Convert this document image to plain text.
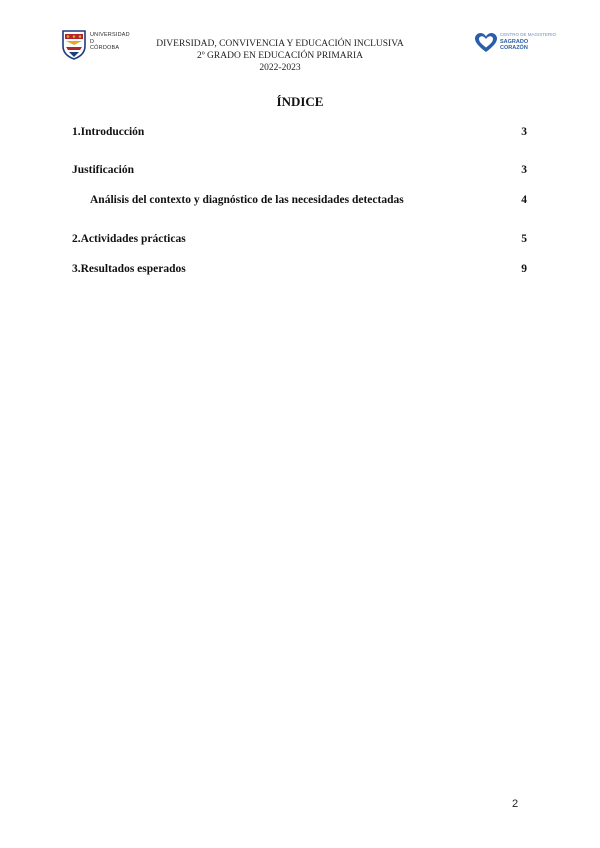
UNIVERSIDAD
D
CÓRDOBA	DIVERSIDAD, CONVIVENCIA Y EDUCACIÓN INCLUSIVA
2º GRADO EN EDUCACIÓN PRIMARIA
2022-2023
CENTRO DE MAGISTERIO
SAGRADO
CORAZÓN
ÍNDICE
1.Introducción	3
Justificación	3
Análisis del contexto y diagnóstico de las necesidades detectadas	4
2.Actividades prácticas	5
3.Resultados esperados	9
2
